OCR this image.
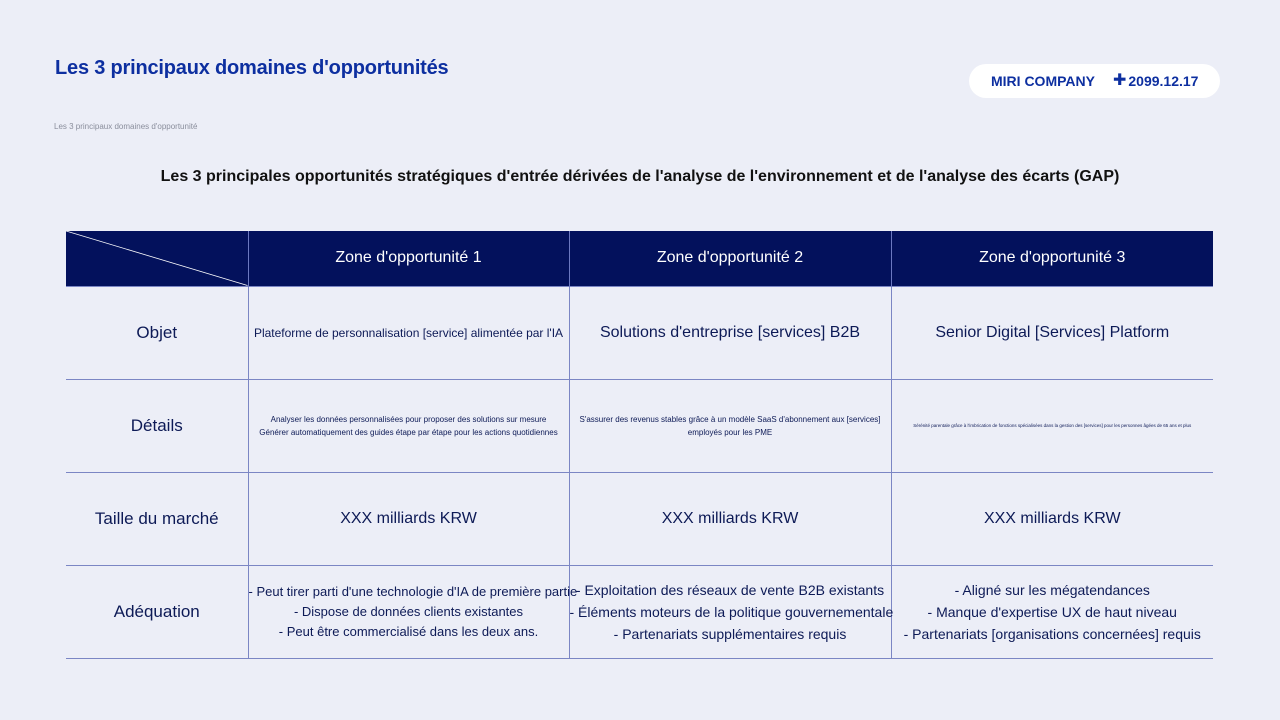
Les 3 principaux domaines d'opportunités
Les 3 principaux domaines d'opportunité
MIRI COMPANY ✚ 2099.12.17
Les 3 principales opportunités stratégiques d'entrée dérivées de l'analyse de l'environnement et de l'analyse des écarts (GAP)
	Zone d'opportunité 1	Zone d'opportunité 2	Zone d'opportunité 3
Objet	Plateforme de personnalisation [service] alimentée par l'IA	Solutions d'entreprise [services] B2B	Senior Digital [Services] Platform
Détails	Analyser les données personnalisées pour proposer des solutions sur mesure
Générer automatiquement des guides étape par étape pour les actions quotidiennes	S'assurer des revenus stables grâce à un modèle SaaS d'abonnement aux [services] employés pour les PME	Sérénité parentale grâce à l'imbrication de fonctions spécialisées dans la gestion des [services] pour les personnes âgées de 65 ans et plus
Taille du marché	XXX milliards KRW	XXX milliards KRW	XXX milliards KRW
Adéquation	- Peut tirer parti d'une technologie d'IA de première partie
- Dispose de données clients existantes
- Peut être commercialisé dans les deux ans.	- Exploitation des réseaux de vente B2B existants
- Éléments moteurs de la politique gouvernementale
- Partenariats supplémentaires requis	- Aligné sur les mégatendances
- Manque d'expertise UX de haut niveau
- Partenariats [organisations concernées] requis
